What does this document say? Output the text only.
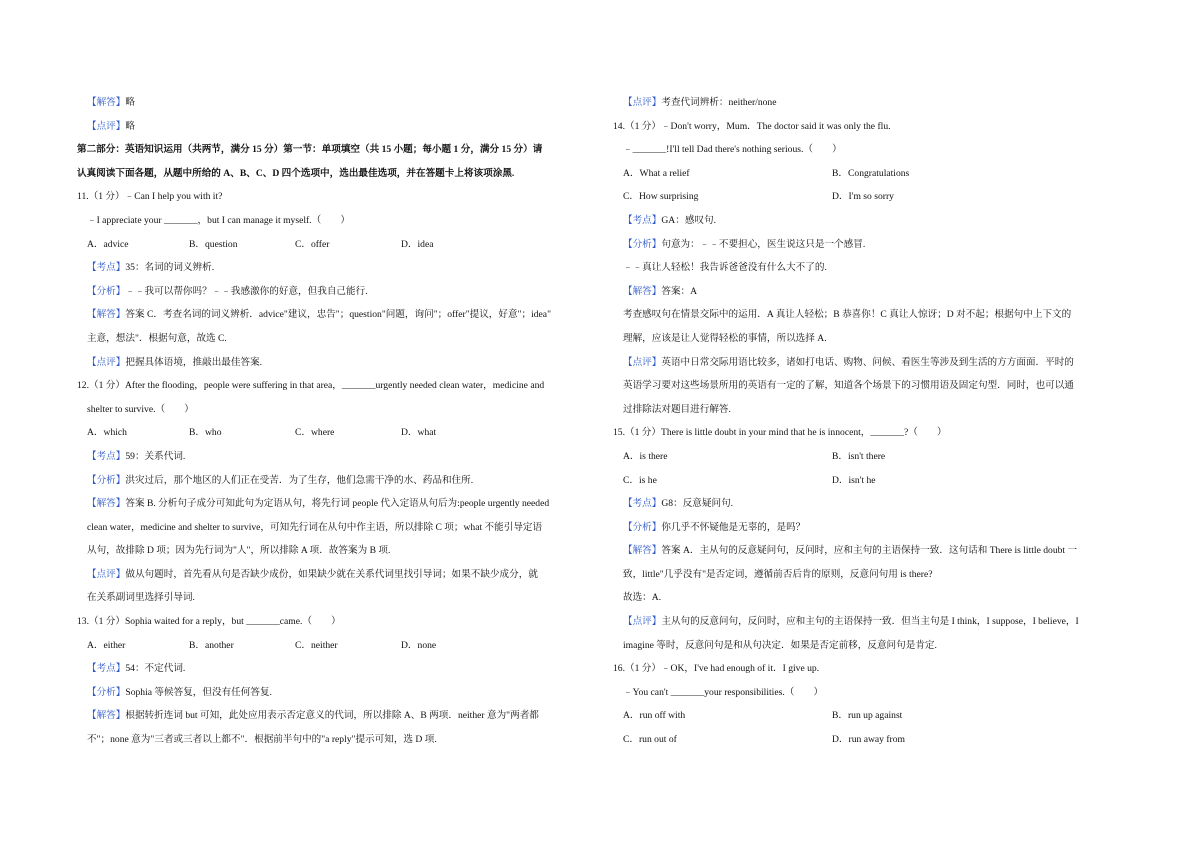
【解答】略
【点评】略
第二部分：英语知识运用（共两节，满分 15 分）第一节：单项填空（共 15 小题；每小题 1 分，满分 15 分）请
认真阅读下面各题，从题中所给的 A、B、C、D 四个选项中，选出最佳选项，并在答题卡上将该项涂黑.
11.（1 分）﹣Can I help you with it?
﹣I appreciate your _______，but I can manage it myself.（　　）
A．advice	B．question	C．offer	D．idea
【考点】35：名词的词义辨析.
【分析】﹣﹣我可以帮你吗？﹣﹣我感激你的好意，但我自己能行.
【解答】答案 C．考查名词的词义辨析．advice"建议，忠告"；question"问题，询问"；offer"提议，好意"；idea"
主意，想法"．根据句意，故选 C.
【点评】把握具体语境，推敲出最佳答案.
12.（1 分）After the flooding，people were suffering in that area，_______urgently needed clean water，medicine and
shelter to survive.（　　）
A．which	B．who	C．where	D．what
【考点】59：关系代词.
【分析】洪灾过后，那个地区的人们正在受苦．为了生存，他们急需干净的水、药品和住所.
【解答】答案 B. 分析句子成分可知此句为定语从句，将先行词 people 代入定语从句后为:people urgently needed
clean water，medicine and shelter to survive，可知先行词在从句中作主语，所以排除 C 项；what 不能引导定语
从句，故排除 D 项；因为先行词为"人"，所以排除 A 项．故答案为 B 项.
【点评】做从句题时，首先看从句是否缺少成份，如果缺少就在关系代词里找引导词；如果不缺少成分，就
在关系副词里选择引导词.
13.（1 分）Sophia waited for a reply，but _______came.（　　）
A．either	B．another	C．neither	D．none
【考点】54：不定代词.
【分析】Sophia 等候答复，但没有任何答复.
【解答】根据转折连词 but 可知，此处应用表示否定意义的代词，所以排除 A、B 两项．neither 意为"两者都
不"；none 意为"三者或三者以上都不"．根据前半句中的"a reply"提示可知，选 D 项.
【点评】考查代词辨析：neither/none
14.（1 分）﹣Don't worry，Mum．The doctor said it was only the flu.
﹣_______!I'll tell Dad there's nothing serious.（　　）
A．What a relief	B．Congratulations
C．How surprising	D．I'm so sorry
【考点】GA：感叹句.
【分析】句意为：﹣﹣不要担心，医生说这只是一个感冒.
﹣﹣真让人轻松！我告诉爸爸没有什么大不了的.
【解答】答案：A
考查感叹句在情景交际中的运用．A 真让人轻松；B 恭喜你！C 真让人惊讶；D 对不起；根据句中上下文的
理解，应该是让人觉得轻松的事情，所以选择 A.
【点评】英语中日常交际用语比较多，诸如打电话、购物、问候、看医生等涉及到生活的方方面面．平时的
英语学习要对这些场景所用的英语有一定的了解，知道各个场景下的习惯用语及固定句型．同时，也可以通
过排除法对题目进行解答.
15.（1 分）There is little doubt in your mind that he is innocent，_______?（　　）
A．is there	B．isn't there
C．is he	D．isn't he
【考点】G8：反意疑问句.
【分析】你几乎不怀疑他是无辜的，是吗？
【解答】答案 A．主从句的反意疑问句，反问时，应和主句的主语保持一致．这句话和 There is little doubt 一
致，little"几乎没有"是否定词，遵循前否后肯的原则，反意问句用 is there?
故选：A.
【点评】主从句的反意问句，反问时，应和主句的主语保持一致．但当主句是 I think，I suppose，I believe，I
imagine 等时，反意问句是和从句决定．如果是否定前移，反意问句是肯定.
16.（1 分）﹣OK，I've had enough of it．I give up.
﹣You can't _______your responsibilities.（　　）
A．run off with	B．run up against
C．run out of	D．run away from
